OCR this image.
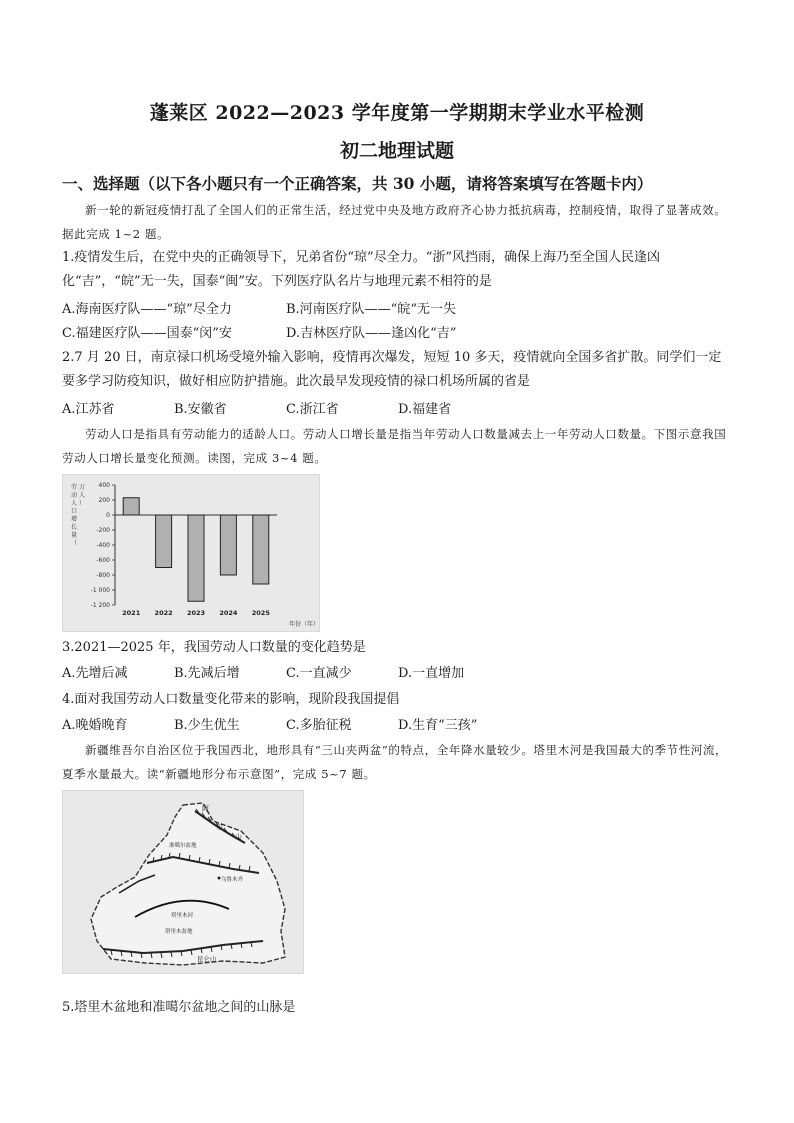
蓬莱区 2022—2023 学年度第一学期期末学业水平检测
初二地理试题
一、选择题（以下各小题只有一个正确答案，共 30 小题，请将答案填写在答题卡内）
新一轮的新冠疫情打乱了全国人们的正常生活，经过党中央及地方政府齐心协力抵抗病毒，控制疫情，取得了显著成效。据此完成 1~2 题。
1.疫情发生后，在党中央的正确领导下，兄弟省份“琼”尽全力。“浙”风挡雨，确保上海乃至全国人民逢凶化“吉”，“皖”无一失，国泰“闽”安。下列医疗队名片与地理元素不相符的是
A.海南医疗队——“琼”尽全力	B.河南医疗队——“皖“无一失
C.福建医疗队——国泰“闵”安	D.吉林医疗队——逢凶化“吉”
2.7 月 20 日，南京禄口机场受境外输入影响，疫情再次爆发，短短 10 多天，疫情就向全国多省扩散。同学们一定要多学习防疫知识，做好相应防护措施。此次最早发现疫情的禄口机场所属的省是
A.江苏省	B.安徽省	C.浙江省	D.福建省
劳动人口是指具有劳动能力的适龄人口。劳动人口增长量是指当年劳动人口数量减去上一年劳动人口数量。下图示意我国劳动人口增长量变化预测。读图，完成 3~4 题。
劳动人口增长量（万人）
400
200
0
-200
-400
-600
-800
-1 000
-1 200
2021 2022 2023 2024 2025
年份（年）
3.2021—2025 年，我国劳动人口数量的变化趋势是
A.先增后减	B.先减后增	C.一直减少	D.一直增加
4.面对我国劳动人口数量变化带来的影响，现阶段我国提倡
A.晚婚晚育	B.少生优生	C.多胎征税	D.生育“三孩”
新疆维吾尔自治区位于我国西北，地形具有“三山夹两盆”的特点，全年降水量较少。塔里木河是我国最大的季节性河流，夏季水量最大。读“新疆地形分布示意图”，完成 5~7 题。
阿
尔
山
准噶尔盆地
乌鲁木齐
塔里木河
塔里木盆地
昆仑山
5.塔里木盆地和准噶尔盆地之间的山脉是
